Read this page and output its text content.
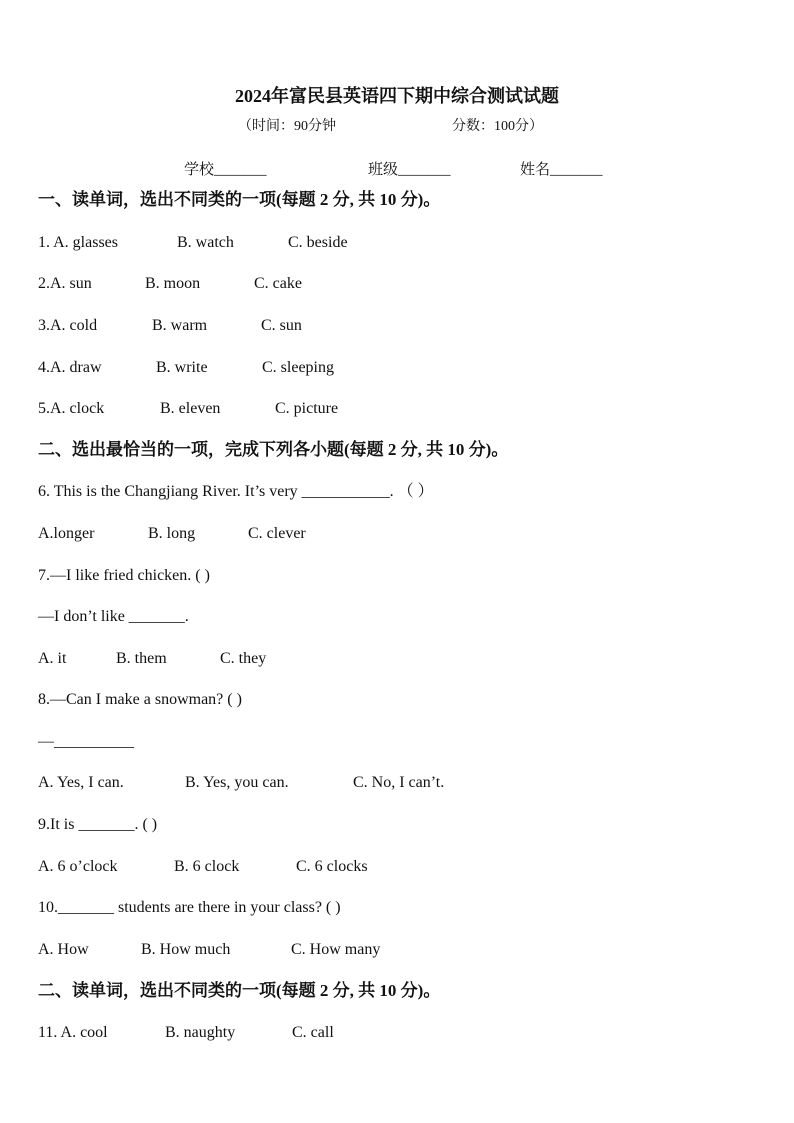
2024年富民县英语四下期中综合测试试题
（时间：90分钟	分数：100分）
学校_______	班级_______	姓名_______
一、读单词，选出不同类的一项(每题 2 分, 共 10 分)。
1. A. glasses	B. watch	C. beside
2.A. sun	B. moon	C. cake
3.A. cold	B. warm	C. sun
4.A. draw	B. write	C. sleeping
5.A. clock	B. eleven	C. picture
二、选出最恰当的一项，完成下列各小题(每题 2 分, 共 10 分)。
6. This is the Changjiang River. It’s very ___________. （ ）
A.longer	B. long	C. clever
7.—I like fried chicken. ( )
—I don’t like _______.
A. it	B. them	C. they
8.—Can I make a snowman? ( )
—__________
A. Yes, I can.	B. Yes, you can.	C. No, I can’t.
9.It is _______. ( )
A. 6 o’clock	B. 6 clock	C. 6 clocks
10._______ students are there in your class? ( )
A. How	B. How much	C. How many
二、读单词，选出不同类的一项(每题 2 分, 共 10 分)。
11. A. cool	B. naughty	C. call
